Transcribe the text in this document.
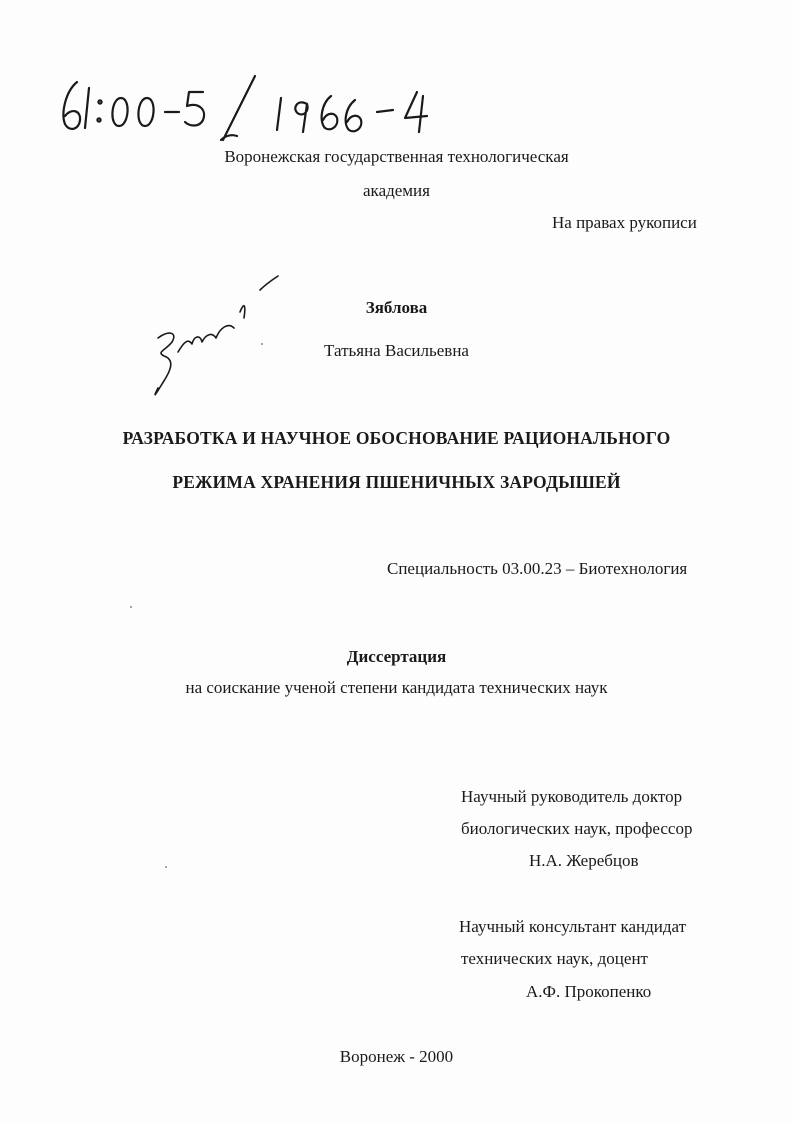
Воронежская государственная технологическая
академия
На правах рукописи
Зяблова
Татьяна Васильевна
РАЗРАБОТКА И НАУЧНОЕ ОБОСНОВАНИЕ РАЦИОНАЛЬНОГО
РЕЖИМА ХРАНЕНИЯ ПШЕНИЧНЫХ ЗАРОДЫШЕЙ
Специальность 03.00.23 – Биотехнология
Диссертация
на соискание ученой степени кандидата технических наук
Научный руководитель доктор
биологических наук, профессор
Н.А. Жеребцов
Научный консультант кандидат
технических наук, доцент
А.Ф. Прокопенко
Воронеж - 2000
